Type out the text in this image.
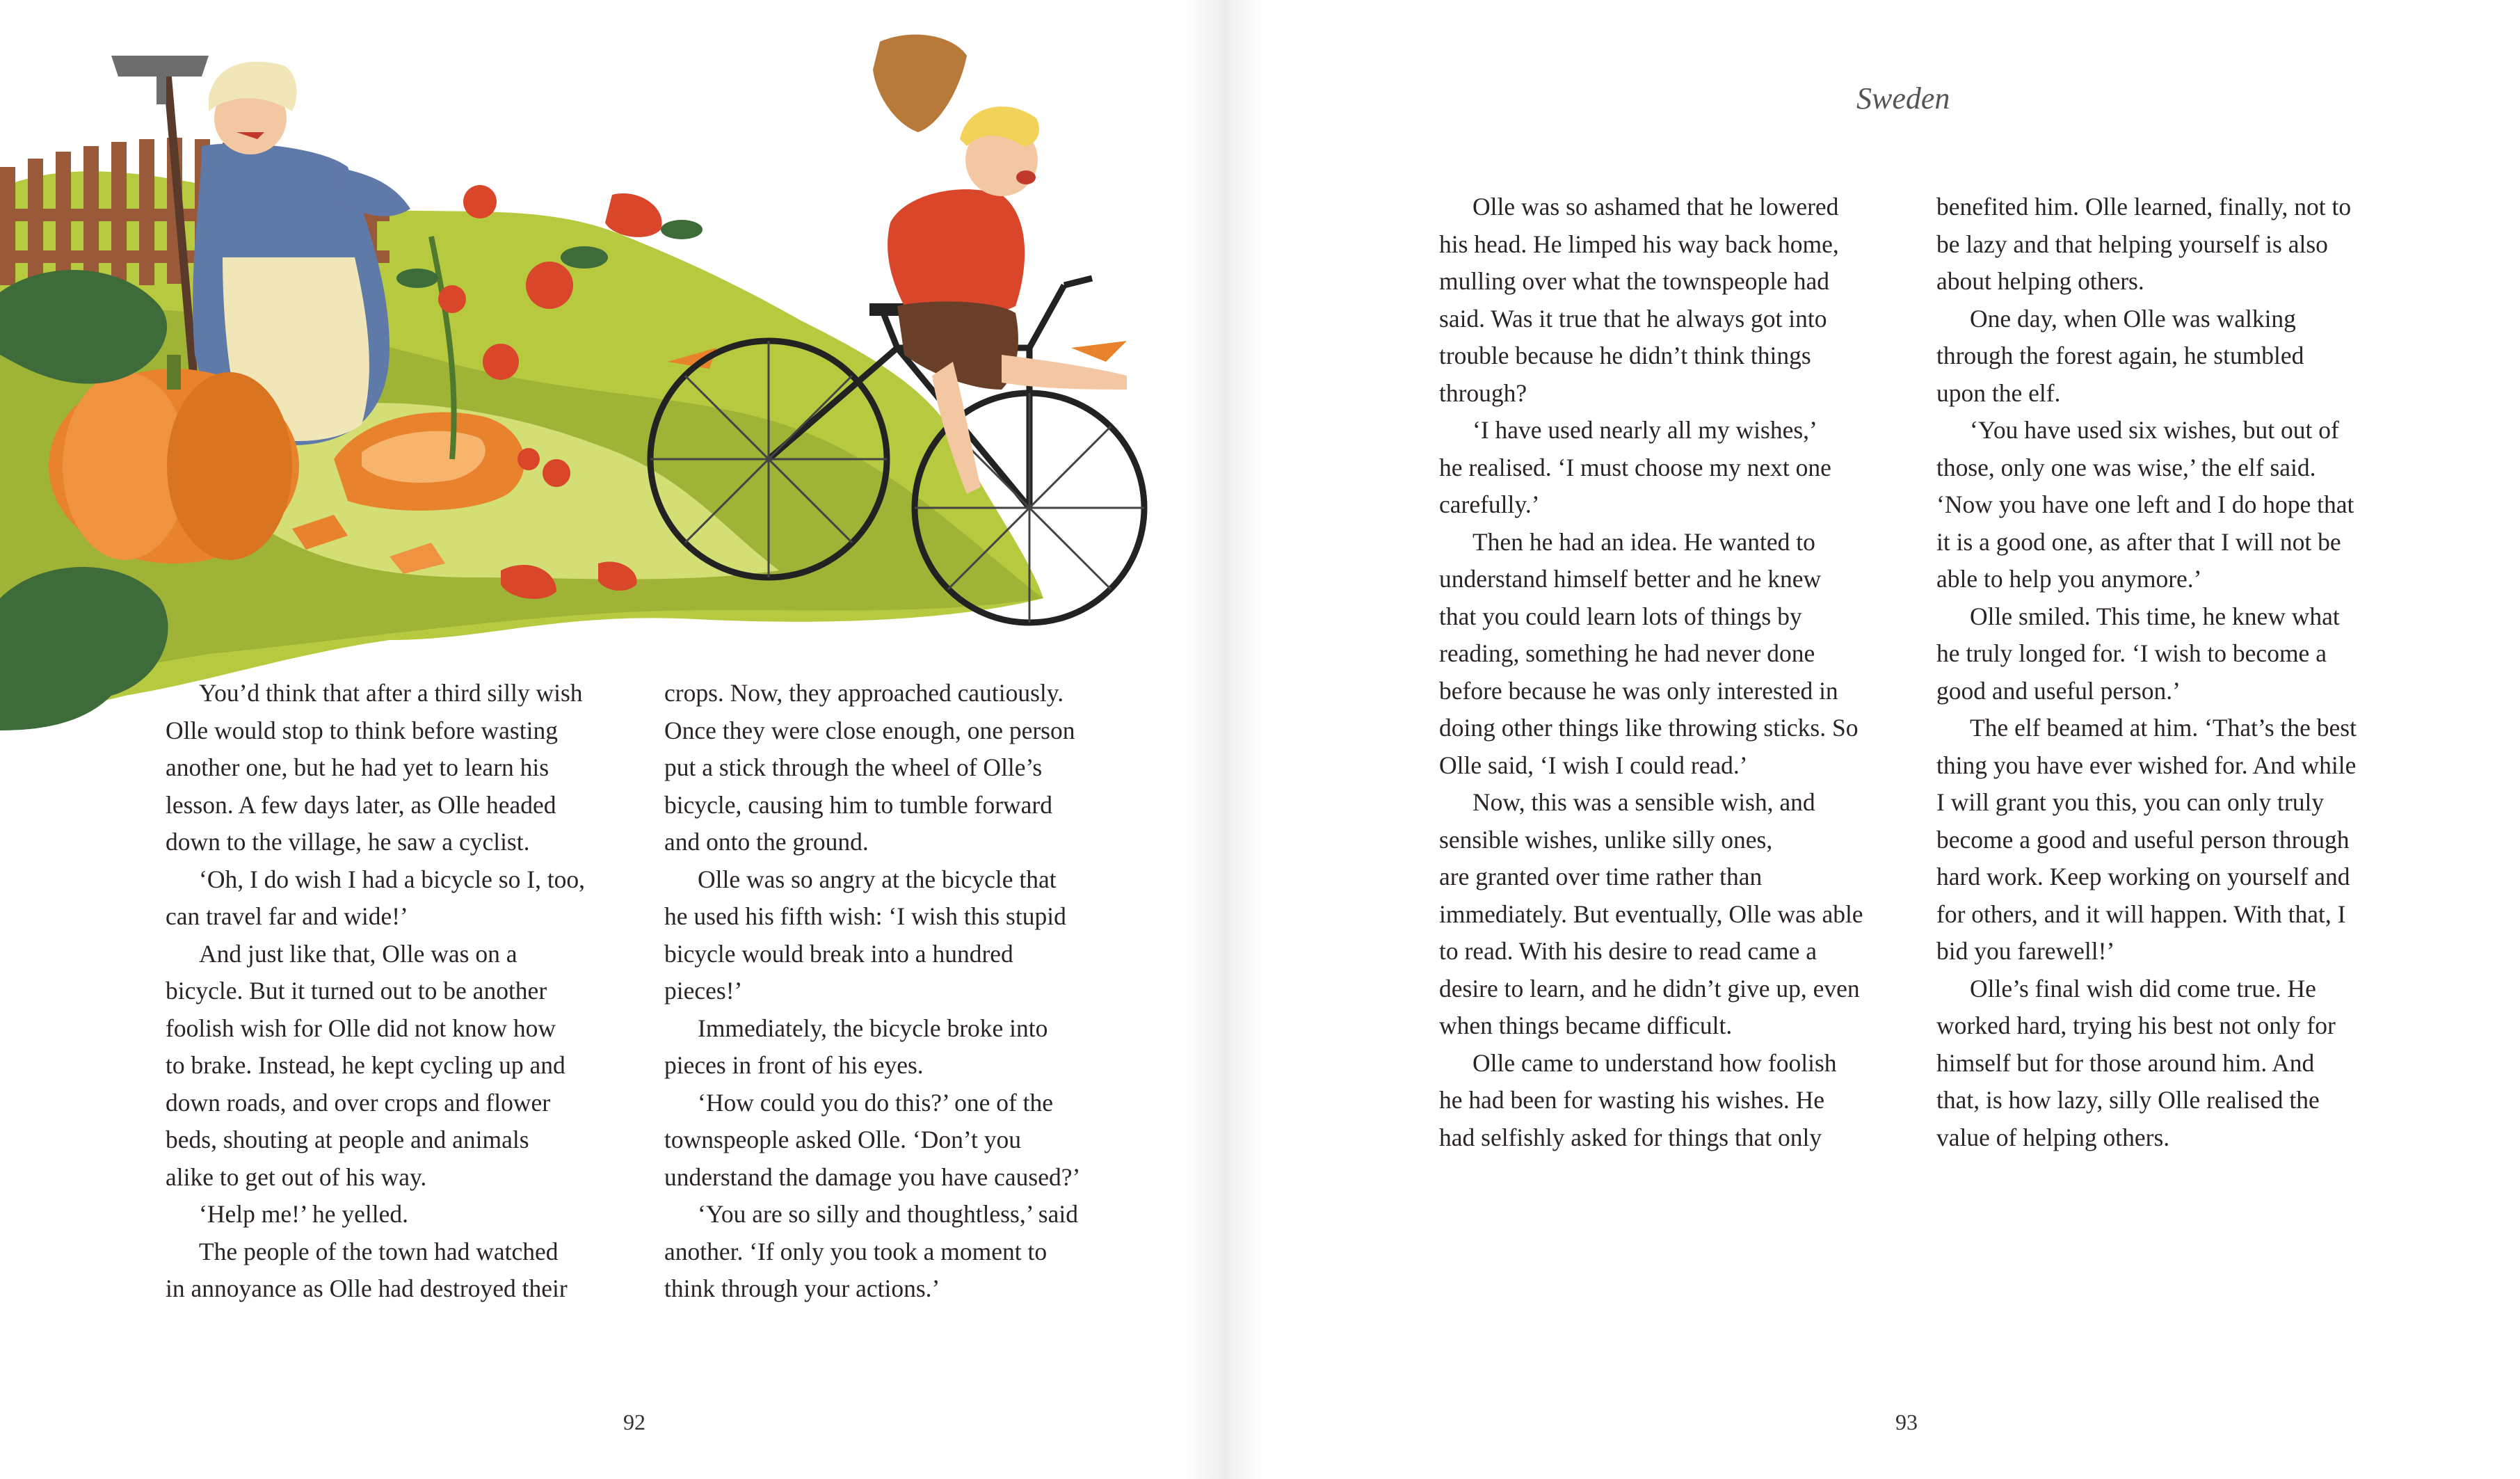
You’d think that after a third silly wish

Olle would stop to think before wasting

another one, but he had yet to learn his

lesson. A few days later, as Olle headed

down to the village, he saw a cyclist.

‘Oh, I do wish I had a bicycle so I, too,

can travel far and wide!’

And just like that, Olle was on a

bicycle. But it turned out to be another

foolish wish for Olle did not know how

to brake. Instead, he kept cycling up and

down roads, and over crops and flower

beds, shouting at people and animals

alike to get out of his way.

‘Help me!’ he yelled.

The people of the town had watched

in annoyance as Olle had destroyed their

crops. Now, they approached cautiously.

Once they were close enough, one person

put a stick through the wheel of Olle’s

bicycle, causing him to tumble forward

and onto the ground.

Olle was so angry at the bicycle that

he used his fifth wish: ‘I wish this stupid

bicycle would break into a hundred

pieces!’

Immediately, the bicycle broke into

pieces in front of his eyes.

‘How could you do this?’ one of the

townspeople asked Olle. ‘Don’t you

understand the damage you have caused?’

‘You are so silly and thoughtless,’ said

another. ‘If only you took a moment to

think through your actions.’

92
Sweden

Olle was so ashamed that he lowered

his head. He limped his way back home,

mulling over what the townspeople had

said. Was it true that he always got into

trouble because he didn’t think things

through?

‘I have used nearly all my wishes,’

he realised. ‘I must choose my next one

carefully.’

Then he had an idea. He wanted to

understand himself better and he knew

that you could learn lots of things by

reading, something he had never done

before because he was only interested in

doing other things like throwing sticks. So

Olle said, ‘I wish I could read.’

Now, this was a sensible wish, and

sensible wishes, unlike silly ones,

are granted over time rather than

immediately. But eventually, Olle was able

to read. With his desire to read came a

desire to learn, and he didn’t give up, even

when things became difficult.

Olle came to understand how foolish

he had been for wasting his wishes. He

had selfishly asked for things that only

benefited him. Olle learned, finally, not to

be lazy and that helping yourself is also

about helping others.

One day, when Olle was walking

through the forest again, he stumbled

upon the elf.

‘You have used six wishes, but out of

those, only one was wise,’ the elf said.

‘Now you have one left and I do hope that

it is a good one, as after that I will not be

able to help you anymore.’

Olle smiled. This time, he knew what

he truly longed for. ‘I wish to become a

good and useful person.’

The elf beamed at him. ‘That’s the best

thing you have ever wished for. And while

I will grant you this, you can only truly

become a good and useful person through

hard work. Keep working on yourself and

for others, and it will happen. With that, I

bid you farewell!’

Olle’s final wish did come true. He

worked hard, trying his best not only for

himself but for those around him. And

that, is how lazy, silly Olle realised the

value of helping others.

93
